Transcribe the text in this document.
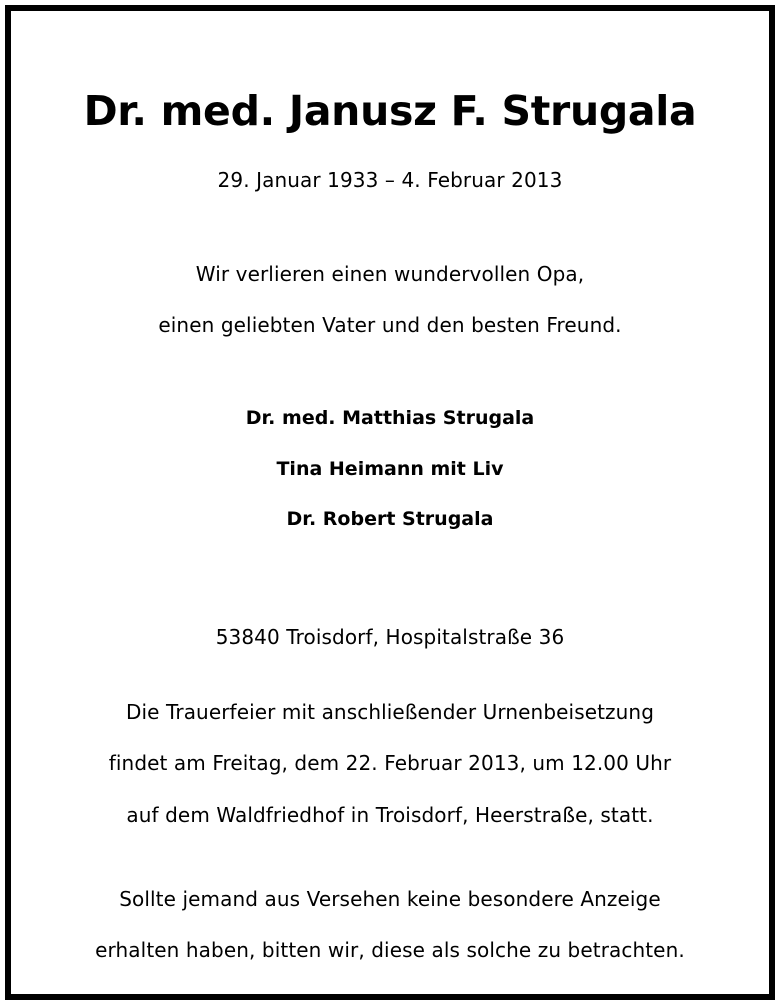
Dr. med. Janusz F. Strugala

29. Januar 1933 – 4. Februar 2013

Wir verlieren einen wundervollen Opa,

einen geliebten Vater und den besten Freund.

Dr. med. Matthias Strugala

Tina Heimann mit Liv

Dr. Robert Strugala

53840 Troisdorf, Hospitalstraße 36

Die Trauerfeier mit anschließender Urnenbeisetzung

findet am Freitag, dem 22. Februar 2013, um 12.00 Uhr

auf dem Waldfriedhof in Troisdorf, Heerstraße, statt.

Sollte jemand aus Versehen keine besondere Anzeige

erhalten haben, bitten wir, diese als solche zu betrachten.
